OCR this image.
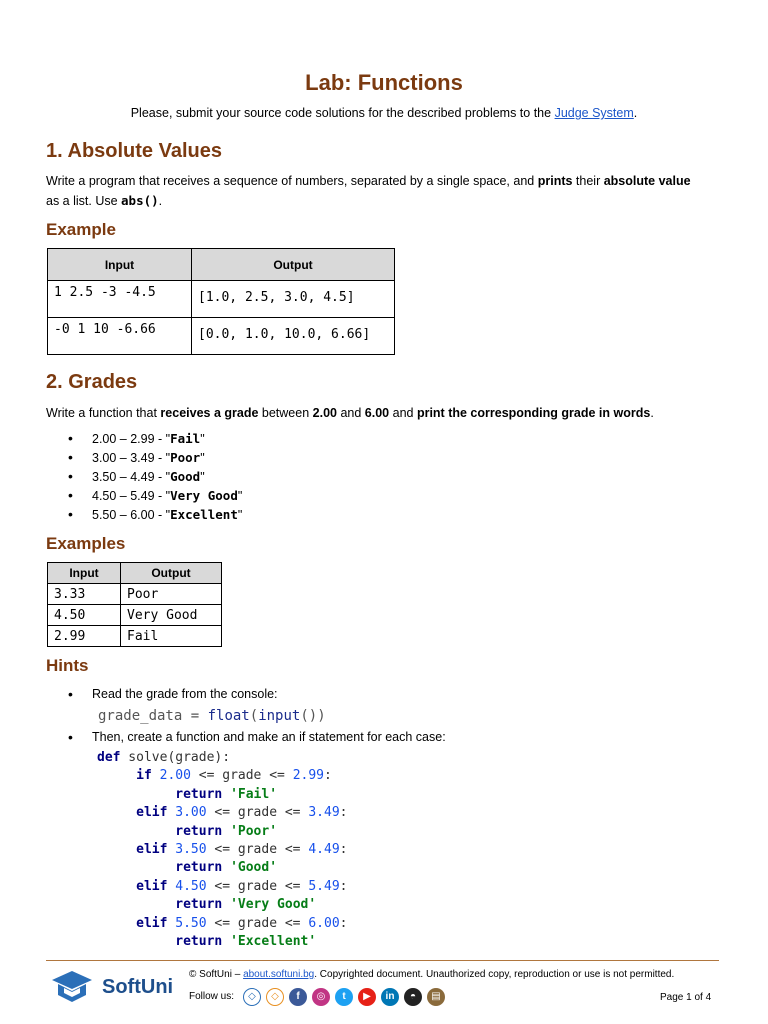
Lab: Functions
Please, submit your source code solutions for the described problems to the Judge System.
1. Absolute Values

Write a program that receives a sequence of numbers, separated by a single space, and prints their absolute value
as a list. Use abs().

Example
Input	Output
1 2.5 -3 -4.5	[1.0, 2.5, 3.0, 4.5]
-0 1 10 -6.66	[0.0, 1.0, 10.0, 6.66]
2. Grades

Write a function that receives a grade between 2.00 and 6.00 and print the corresponding grade in words.

• 2.00 – 2.99 - "Fail"
• 3.00 – 3.49 - "Poor"
• 3.50 – 4.49 - "Good"
• 4.50 – 5.49 - "Very Good"
• 5.50 – 6.00 - "Excellent"
Examples
Input	Output
3.33	Poor
4.50	Very Good
2.99	Fail
Hints
• Read the grade from the console:
grade_data = float(input())
• Then, create a function and make an if statement for each case:
def solve(grade):
if 2.00 <= grade <= 2.99:
return 'Fail'
elif 3.00 <= grade <= 3.49:
return 'Poor'
elif 3.50 <= grade <= 4.49:
return 'Good'
elif 4.50 <= grade <= 5.49:
return 'Very Good'
elif 5.50 <= grade <= 6.00:
return 'Excellent'
SoftUni
© SoftUni – about.softuni.bg. Copyrighted document. Unauthorized copy, reproduction or use is not permitted.
Follow us:	◇ ◇ f ◎ t ▶ in ◓ ▤	Page 1 of 4
